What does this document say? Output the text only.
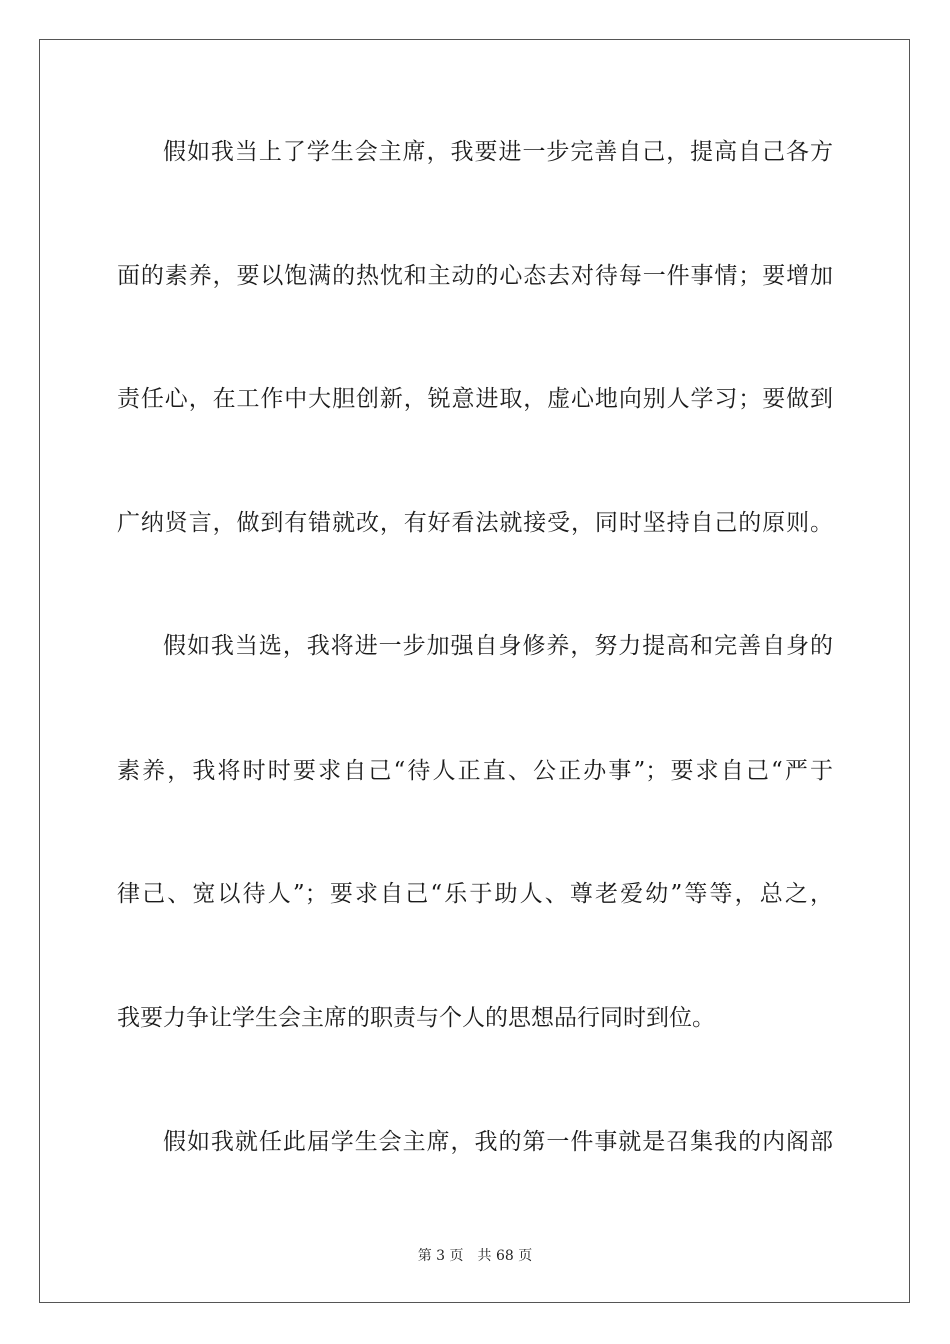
假如我当上了学生会主席，我要进一步完善自己，提高自己各方
面的素养，要以饱满的热忱和主动的心态去对待每一件事情；要增加
责任心，在工作中大胆创新，锐意进取，虚心地向别人学习；要做到
广纳贤言，做到有错就改，有好看法就接受，同时坚持自己的原则。
假如我当选，我将进一步加强自身修养，努力提高和完善自身的
素养，我将时时要求自己“待人正直、公正办事”；要求自己“严于
律己、宽以待人”；要求自己“乐于助人、尊老爱幼”等等，总之，
我要力争让学生会主席的职责与个人的思想品行同时到位。
假如我就任此届学生会主席，我的第一件事就是召集我的内阁部
第 3 页 共 68 页
